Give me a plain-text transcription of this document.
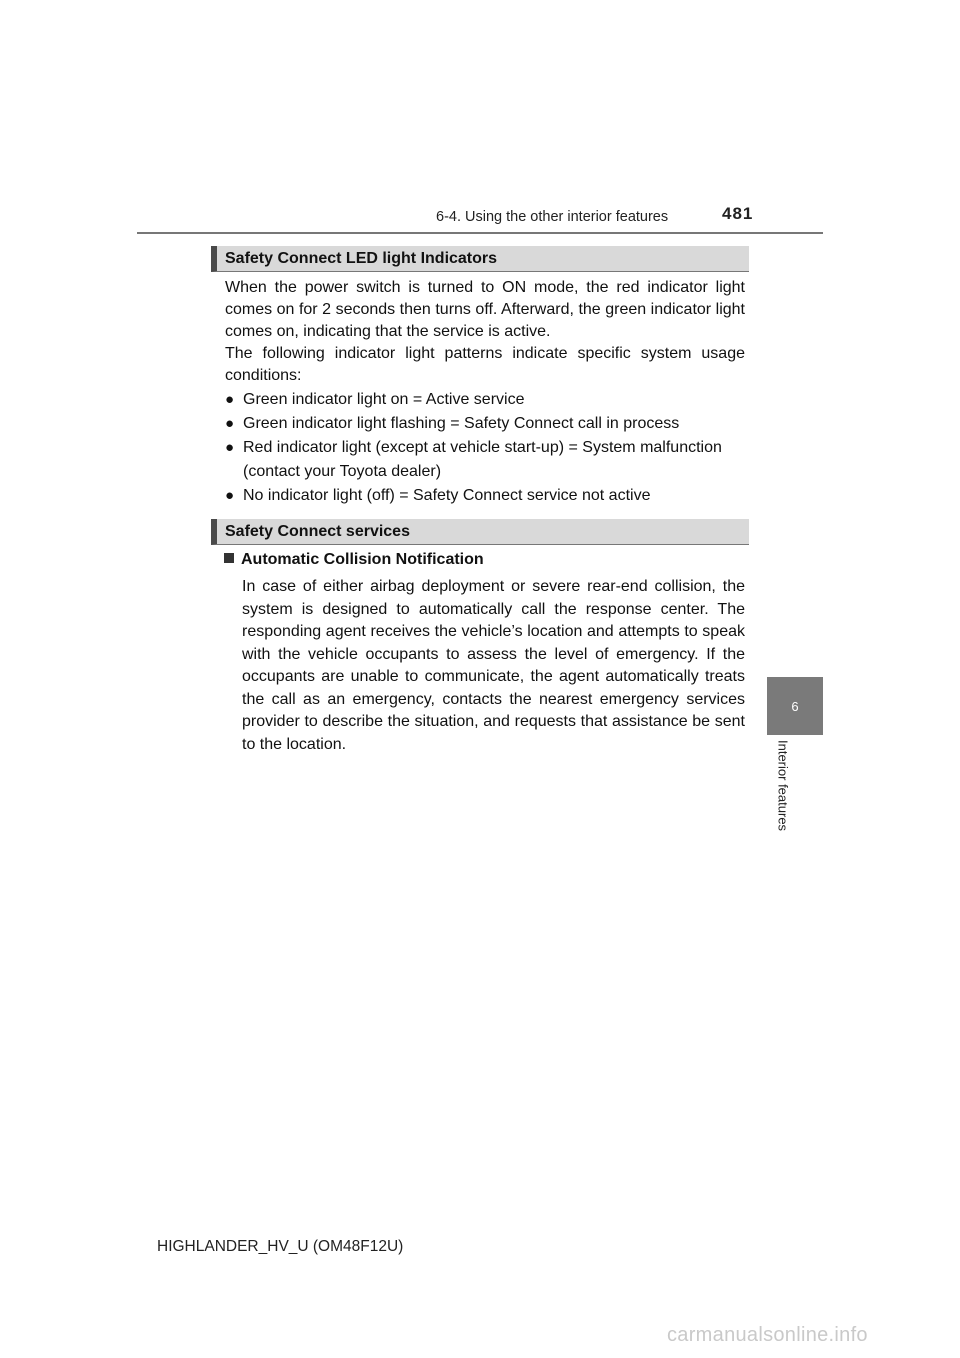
6-4. Using the other interior features	481
6
Interior features
Safety Connect LED light Indicators
When the power switch is turned to ON mode, the red indicator light comes on for 2 seconds then turns off. Afterward, the green indicator light comes on, indicating that the service is active.
The following indicator light patterns indicate specific system usage conditions:
● Green indicator light on = Active service
● Green indicator light flashing = Safety Connect call in process
● Red indicator light (except at vehicle start-up) = System malfunction (contact your Toyota dealer)
● No indicator light (off) = Safety Connect service not active
Safety Connect services
Automatic Collision Notification
In case of either airbag deployment or severe rear-end collision, the system is designed to automatically call the response center. The responding agent receives the vehicle’s location and attempts to speak with the vehicle occupants to assess the level of emergency. If the occupants are unable to communicate, the agent automatically treats the call as an emergency, contacts the nearest emergency services provider to describe the situation, and requests that assistance be sent to the location.
HIGHLANDER_HV_U (OM48F12U)
carmanualsonline.info
